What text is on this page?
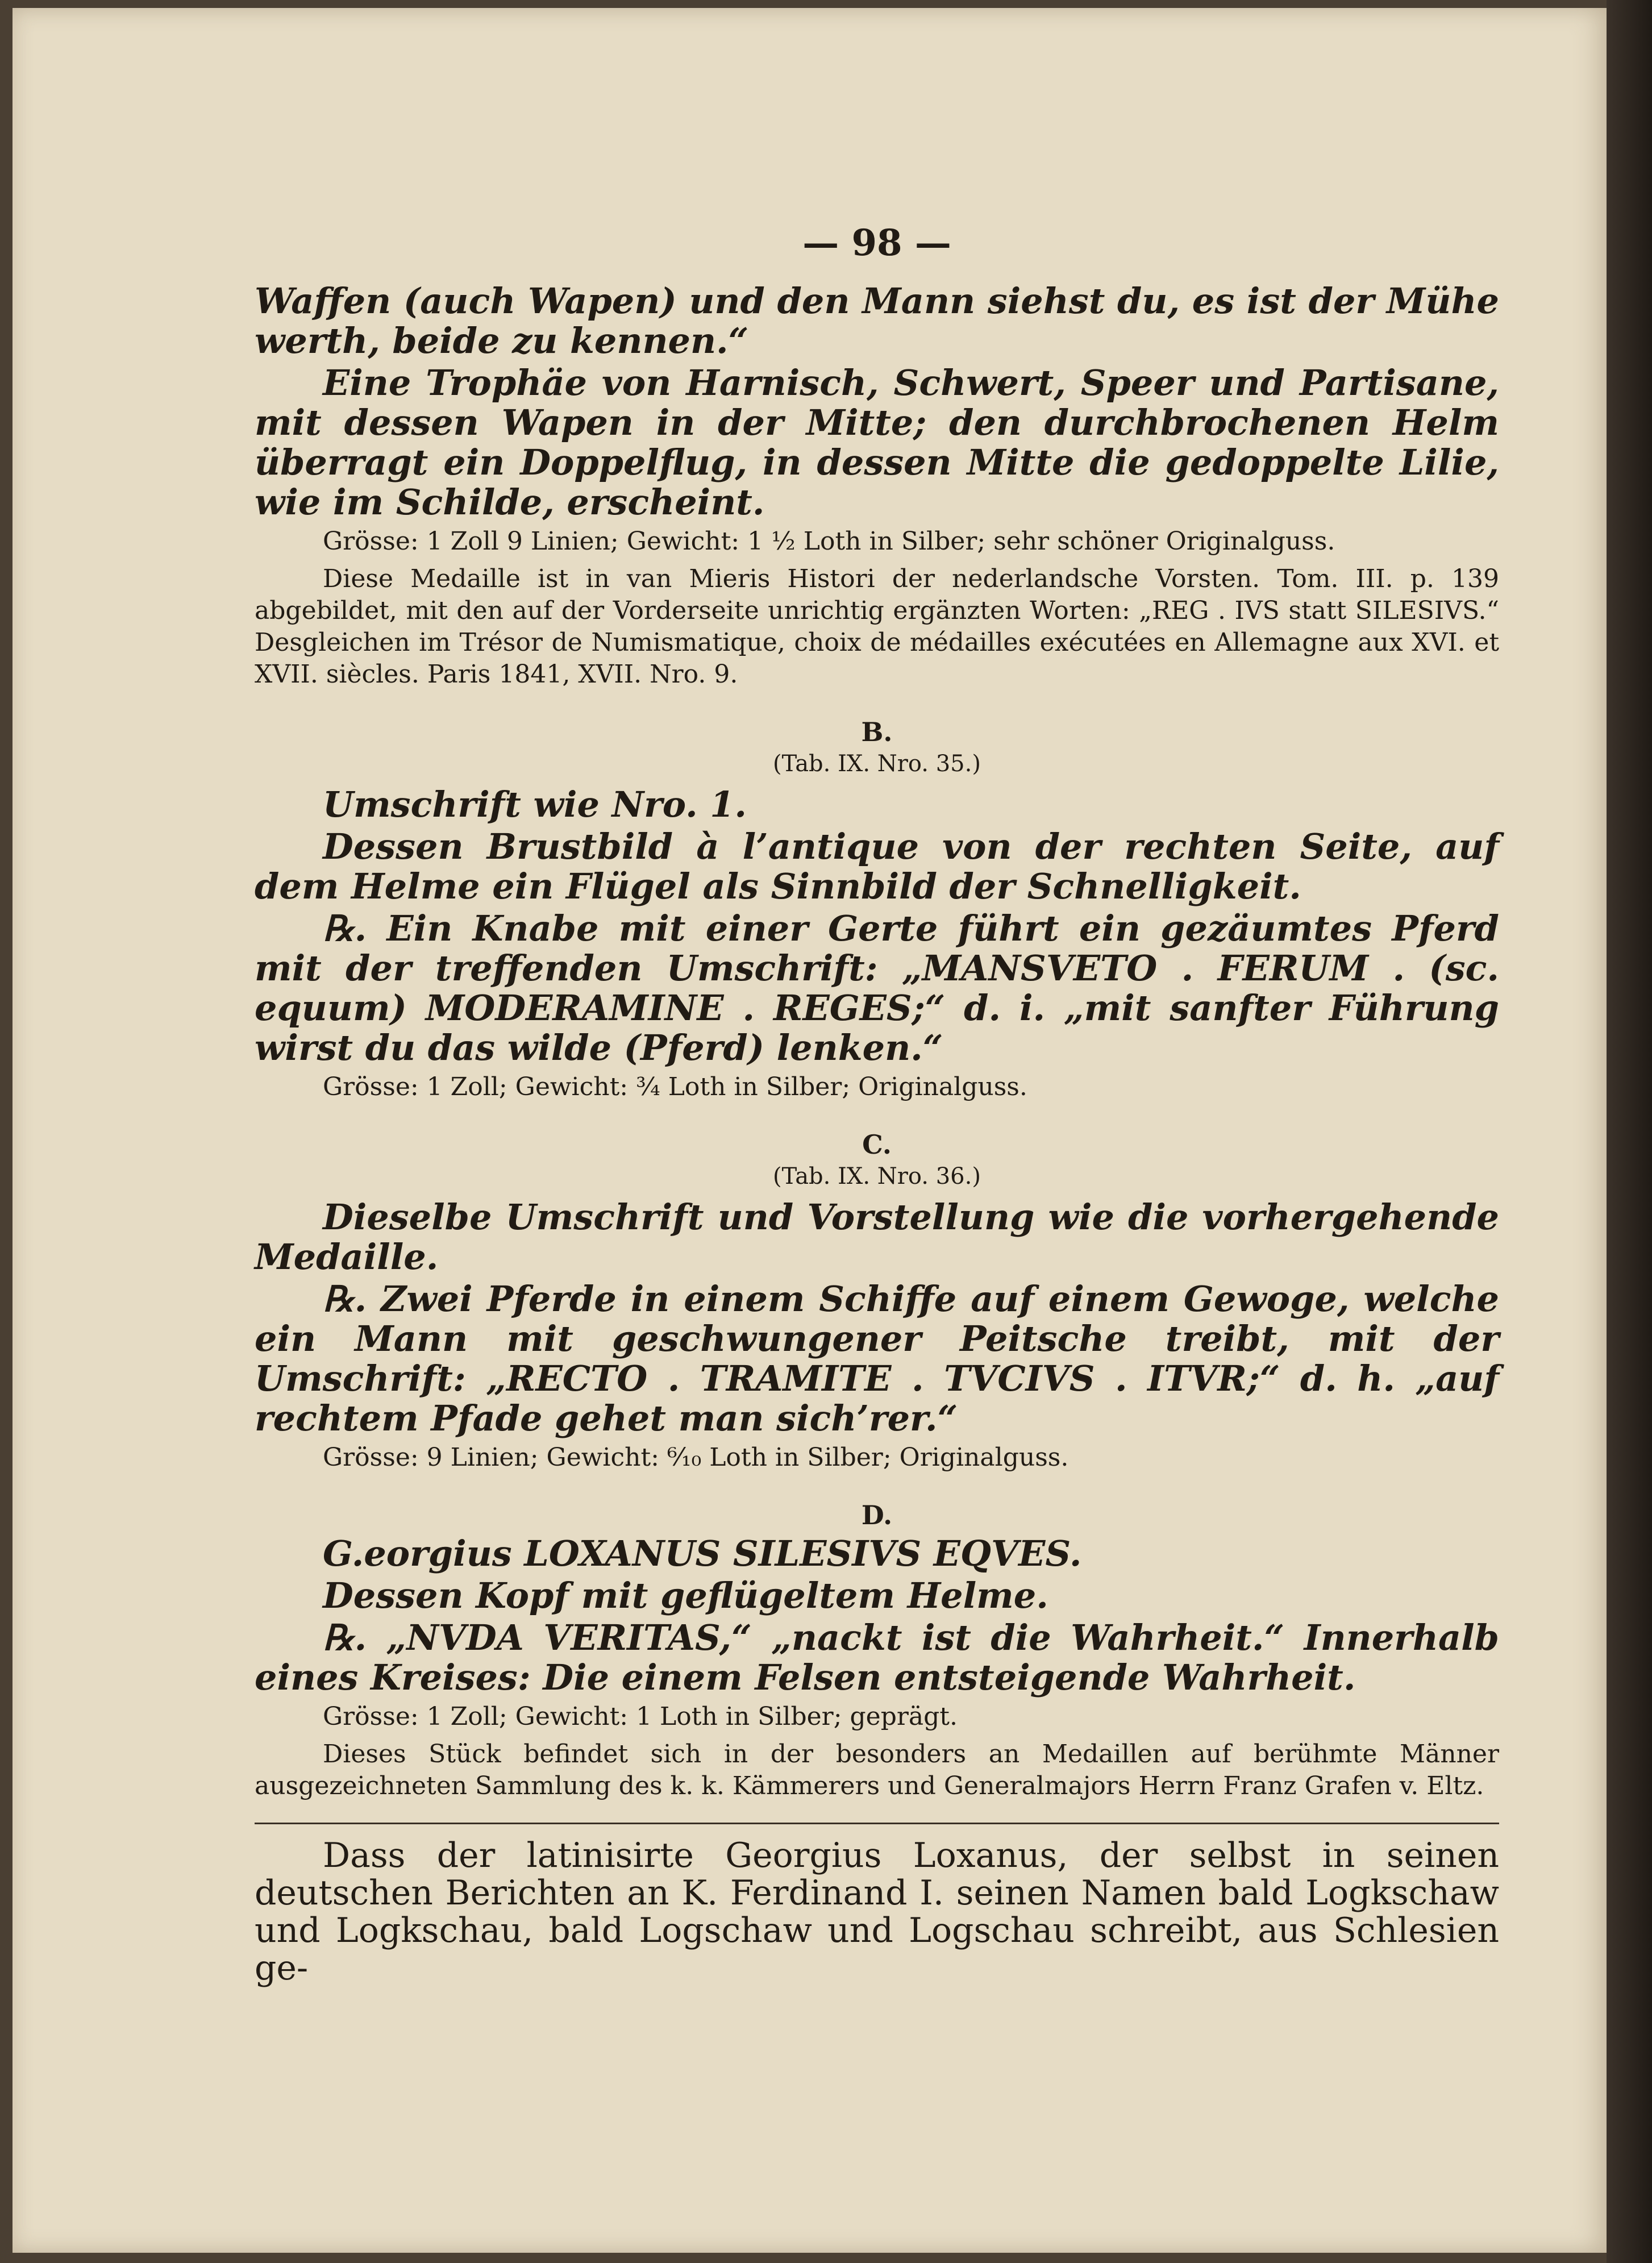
— 98 —

Waffen (auch Wapen) und den Mann siehst du, es ist der Mühe werth, beide zu kennen.“

Eine Trophäe von Harnisch, Schwert, Speer und Partisane, mit dessen Wapen in der Mitte; den durchbrochenen Helm überragt ein Doppelflug, in dessen Mitte die gedoppelte Lilie, wie im Schilde, erscheint.

Grösse: 1 Zoll 9 Linien; Gewicht: 1 ½ Loth in Silber; sehr schöner Originalguss.

Diese Medaille ist in van Mieris Histori der nederlandsche Vorsten. Tom. III. p. 139 abgebildet, mit den auf der Vorderseite unrichtig ergänzten Worten: „REG . IVS statt SILESIVS.“ Desgleichen im Trésor de Numismatique, choix de médailles exécutées en Allemagne aux XVI. et XVII. siècles. Paris 1841, XVII. Nro. 9.

B.
(Tab. IX. Nro. 35.)

Umschrift wie Nro. 1.

Dessen Brustbild à l’antique von der rechten Seite, auf dem Helme ein Flügel als Sinnbild der Schnelligkeit.

℞. Ein Knabe mit einer Gerte führt ein gezäumtes Pferd mit der treffenden Umschrift: „MANSVETO . FERUM . (sc. equum) MODERAMINE . REGES;“ d. i. „mit sanfter Führung wirst du das wilde (Pferd) lenken.“

Grösse: 1 Zoll; Gewicht: ¾ Loth in Silber; Originalguss.

C.
(Tab. IX. Nro. 36.)

Dieselbe Umschrift und Vorstellung wie die vorhergehende Medaille.

℞. Zwei Pferde in einem Schiffe auf einem Gewoge, welche ein Mann mit geschwungener Peitsche treibt, mit der Umschrift: „RECTO . TRAMITE . TVCIVS . ITVR;“ d. h. „auf rechtem Pfade gehet man sich’rer.“

Grösse: 9 Linien; Gewicht: ⁶⁄₁₀ Loth in Silber; Originalguss.

D.

G.eorgius LOXANUS SILESIVS EQVES.

Dessen Kopf mit geflügeltem Helme.

℞. „NVDA VERITAS,“ „nackt ist die Wahrheit.“ Innerhalb eines Kreises: Die einem Felsen entsteigende Wahrheit.

Grösse: 1 Zoll; Gewicht: 1 Loth in Silber; geprägt.

Dieses Stück befindet sich in der besonders an Medaillen auf berühmte Männer ausgezeichneten Sammlung des k. k. Kämmerers und Generalmajors Herrn Franz Grafen v. Eltz.

Dass der latinisirte Georgius Loxanus, der selbst in seinen deutschen Berichten an K. Ferdinand I. seinen Namen bald Logkschaw und Logkschau, bald Logschaw und Logschau schreibt, aus Schlesien ge-
